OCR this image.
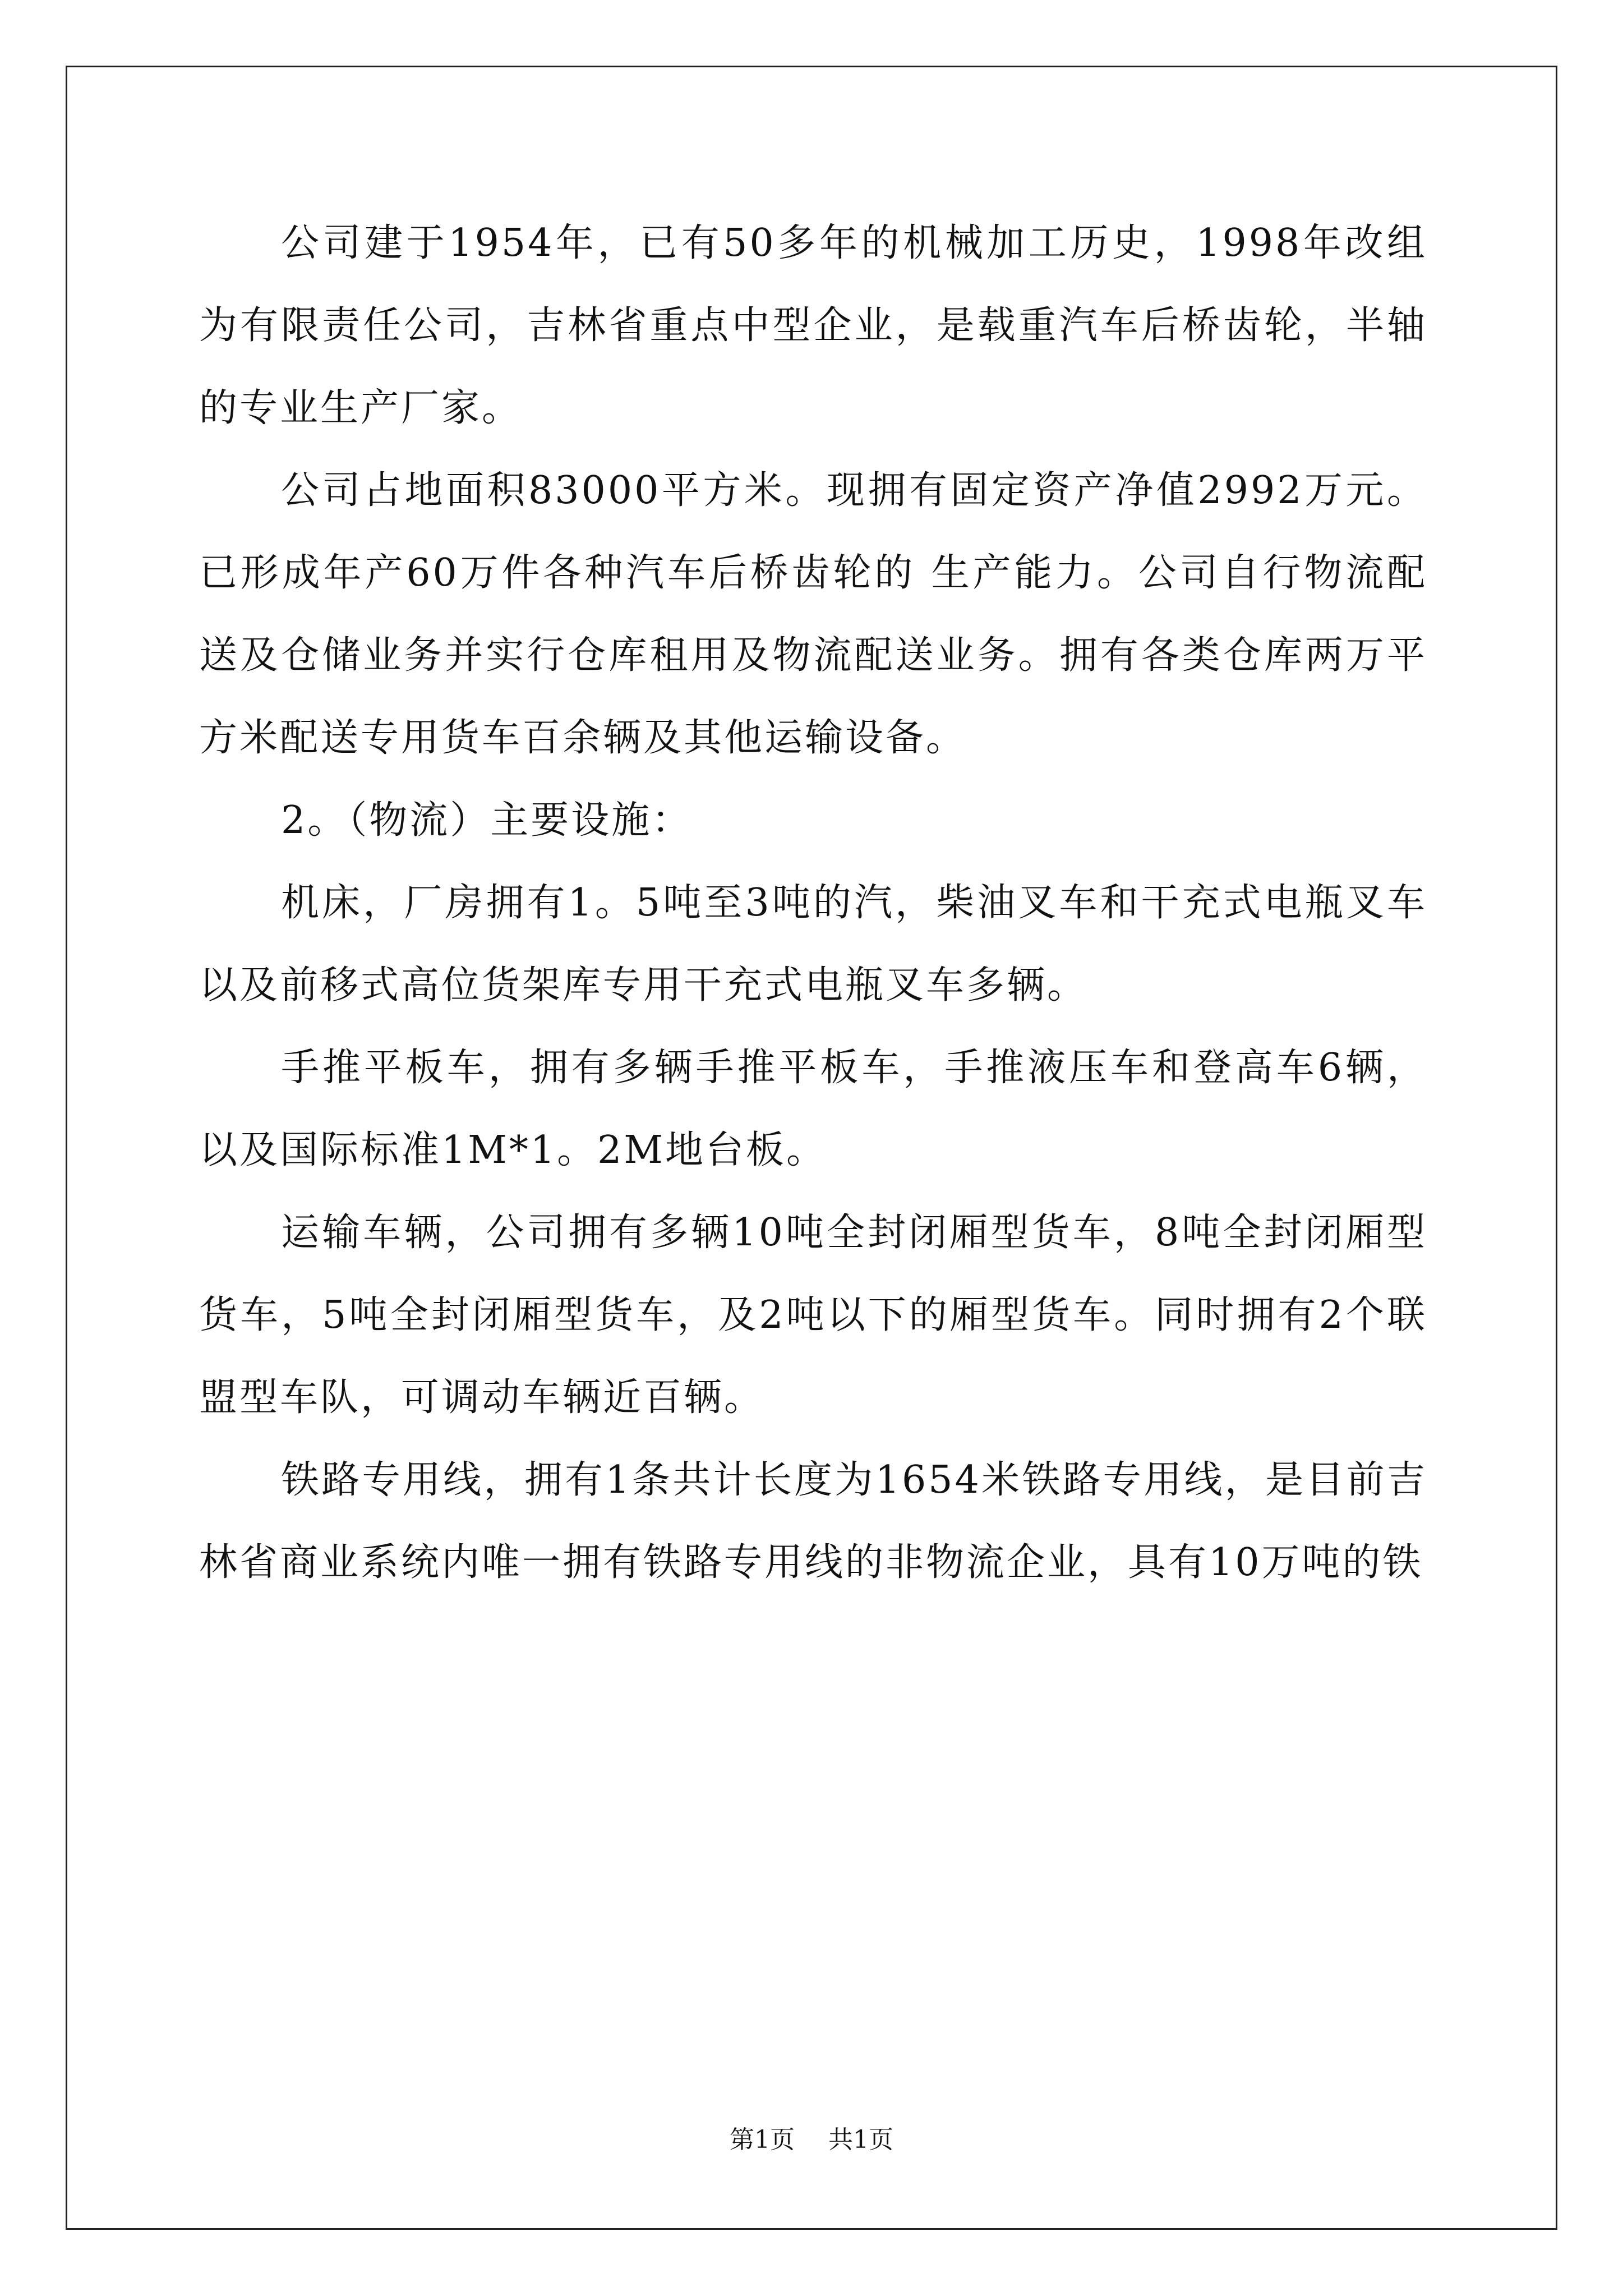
公司建于1954年，已有50多年的机械加工历史，1998年改组为有限责任公司，吉林省重点中型企业，是载重汽车后桥齿轮，半轴的专业生产厂家。

公司占地面积83000平方米。现拥有固定资产净值2992万元。已形成年产60万件各种汽车后桥齿轮的 生产能力。公司自行物流配送及仓储业务并实行仓库租用及物流配送业务。拥有各类仓库两万平方米配送专用货车百余辆及其他运输设备。

2。（物流）主要设施：

机床，厂房拥有1。5吨至3吨的汽，柴油叉车和干充式电瓶叉车以及前移式高位货架库专用干充式电瓶叉车多辆。

手推平板车，拥有多辆手推平板车，手推液压车和登高车6辆，以及国际标准1M*1。2M地台板。

运输车辆，公司拥有多辆10吨全封闭厢型货车，8吨全封闭厢型货车，5吨全封闭厢型货车，及2吨以下的厢型货车。同时拥有2个联盟型车队，可调动车辆近百辆。

铁路专用线，拥有1条共计长度为1654米铁路专用线，是目前吉林省商业系统内唯一拥有铁路专用线的非物流企业，具有10万吨的铁

第1页 共1页
